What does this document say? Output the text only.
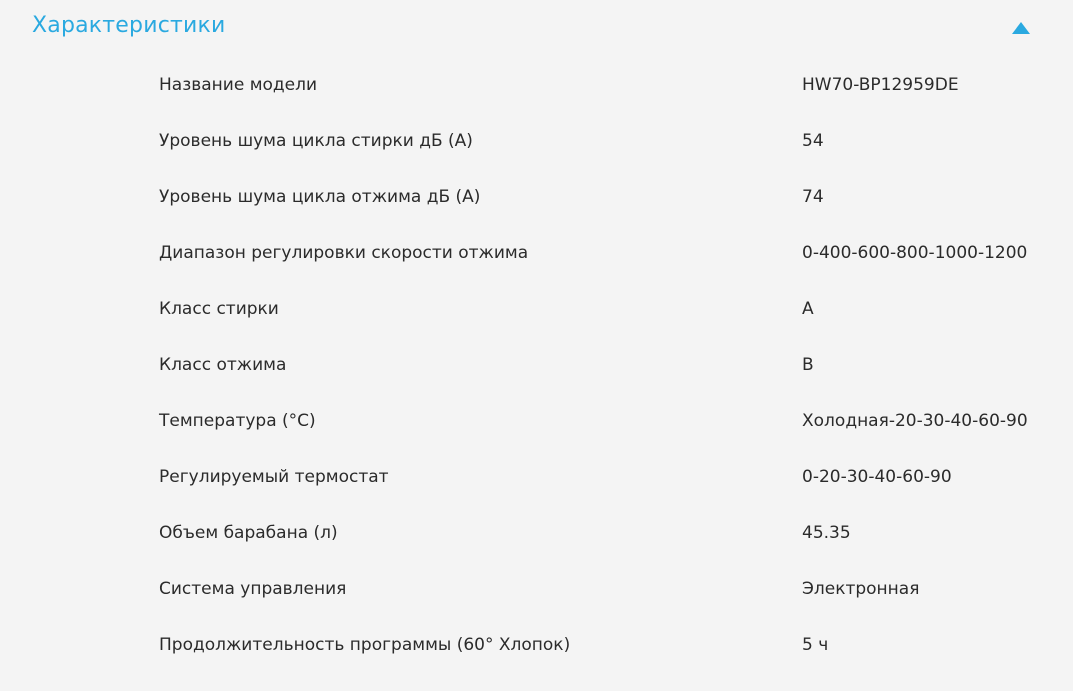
Характеристики
Название модели	HW70-BP12959DE
Уровень шума цикла стирки дБ (А)	54
Уровень шума цикла отжима дБ (А)	74
Диапазон регулировки скорости отжима	0-400-600-800-1000-1200
Класс стирки	А
Класс отжима	В
Температура (°C)	Холодная-20-30-40-60-90
Регулируемый термостат	0-20-30-40-60-90
Объем барабана (л)	45.35
Система управления	Электронная
Продолжительность программы (60° Хлопок)	5 ч
